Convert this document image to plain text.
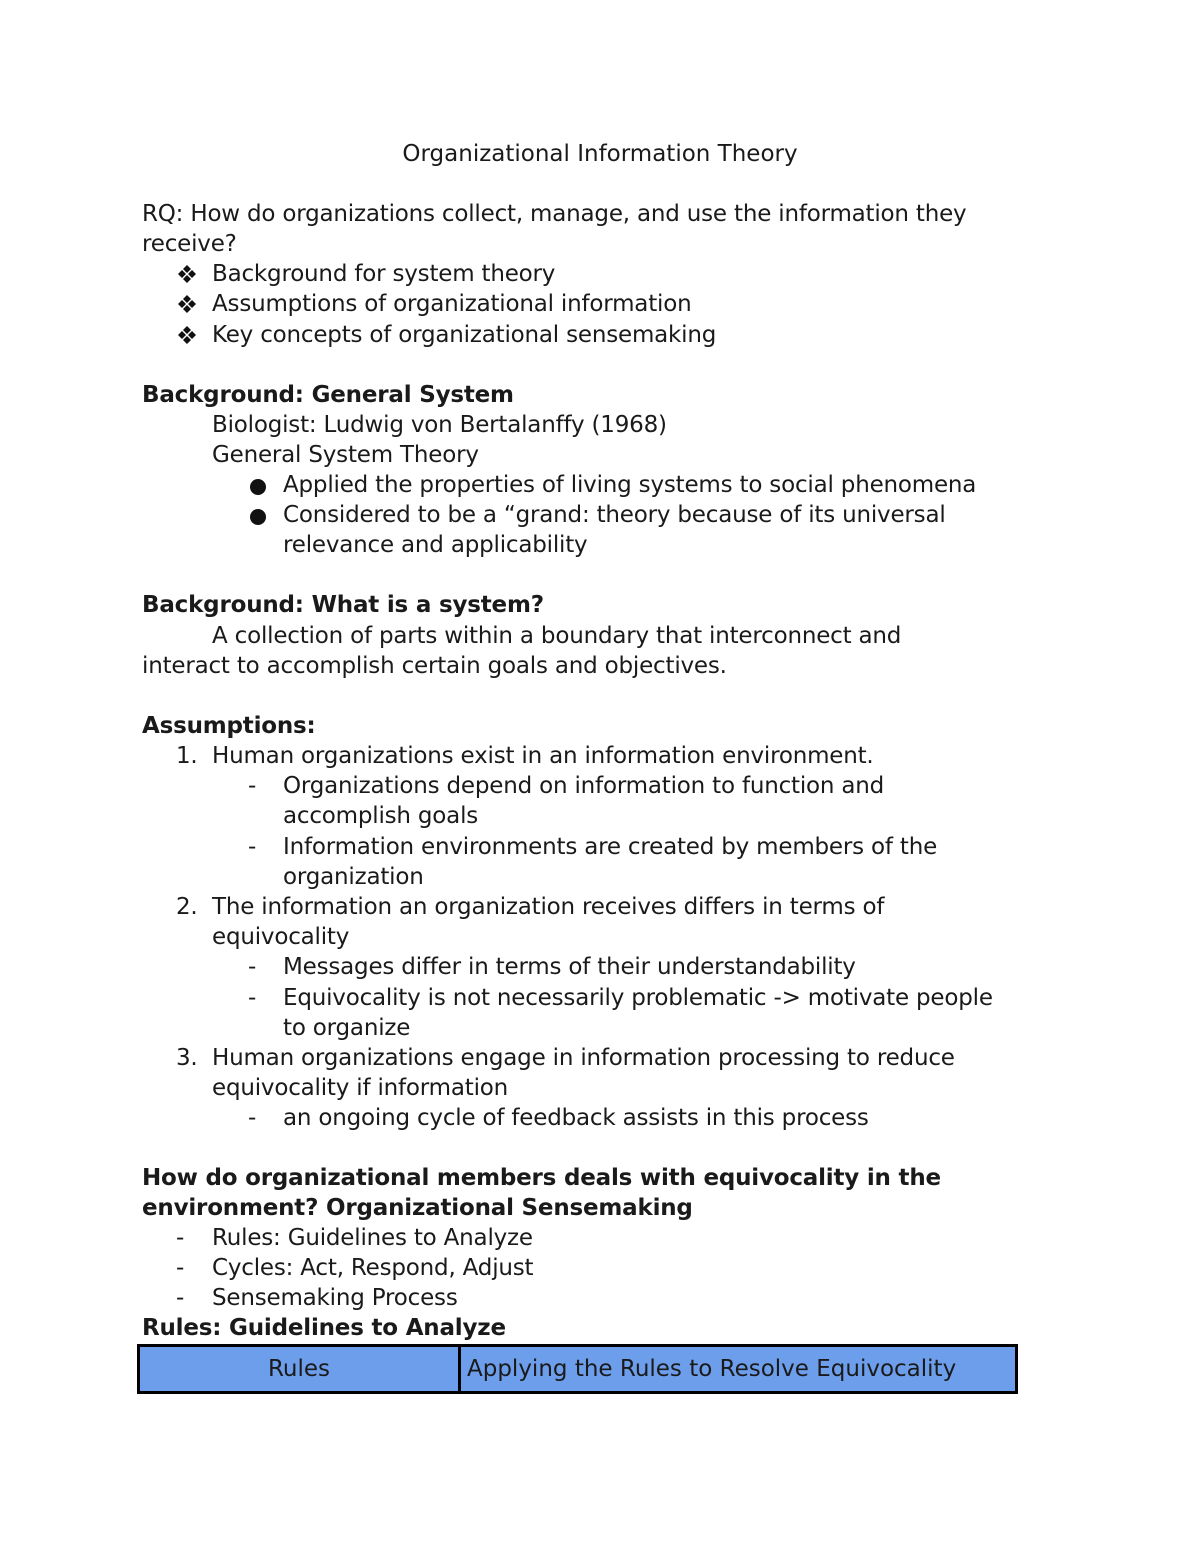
Organizational Information Theory
RQ: How do organizations collect, manage, and use the information they
receive?
Background for system theory
Assumptions of organizational information
Key concepts of organizational sensemaking
Background: General System
Biologist: Ludwig von Bertalanffy (1968)
General System Theory
Applied the properties of living systems to social phenomena
Considered to be a “grand: theory because of its universal
relevance and applicability
Background: What is a system?
A collection of parts within a boundary that interconnect and
interact to accomplish certain goals and objectives.
Assumptions:
1. Human organizations exist in an information environment.
- Organizations depend on information to function and
accomplish goals
- Information environments are created by members of the
organization
2. The information an organization receives differs in terms of
equivocality
- Messages differ in terms of their understandability
- Equivocality is not necessarily problematic -> motivate people
to organize
3. Human organizations engage in information processing to reduce
equivocality if information
- an ongoing cycle of feedback assists in this process
How do organizational members deals with equivocality in the
environment? Organizational Sensemaking
- Rules: Guidelines to Analyze
- Cycles: Act, Respond, Adjust
- Sensemaking Process
Rules: Guidelines to Analyze
Rules	Applying the Rules to Resolve Equivocality
